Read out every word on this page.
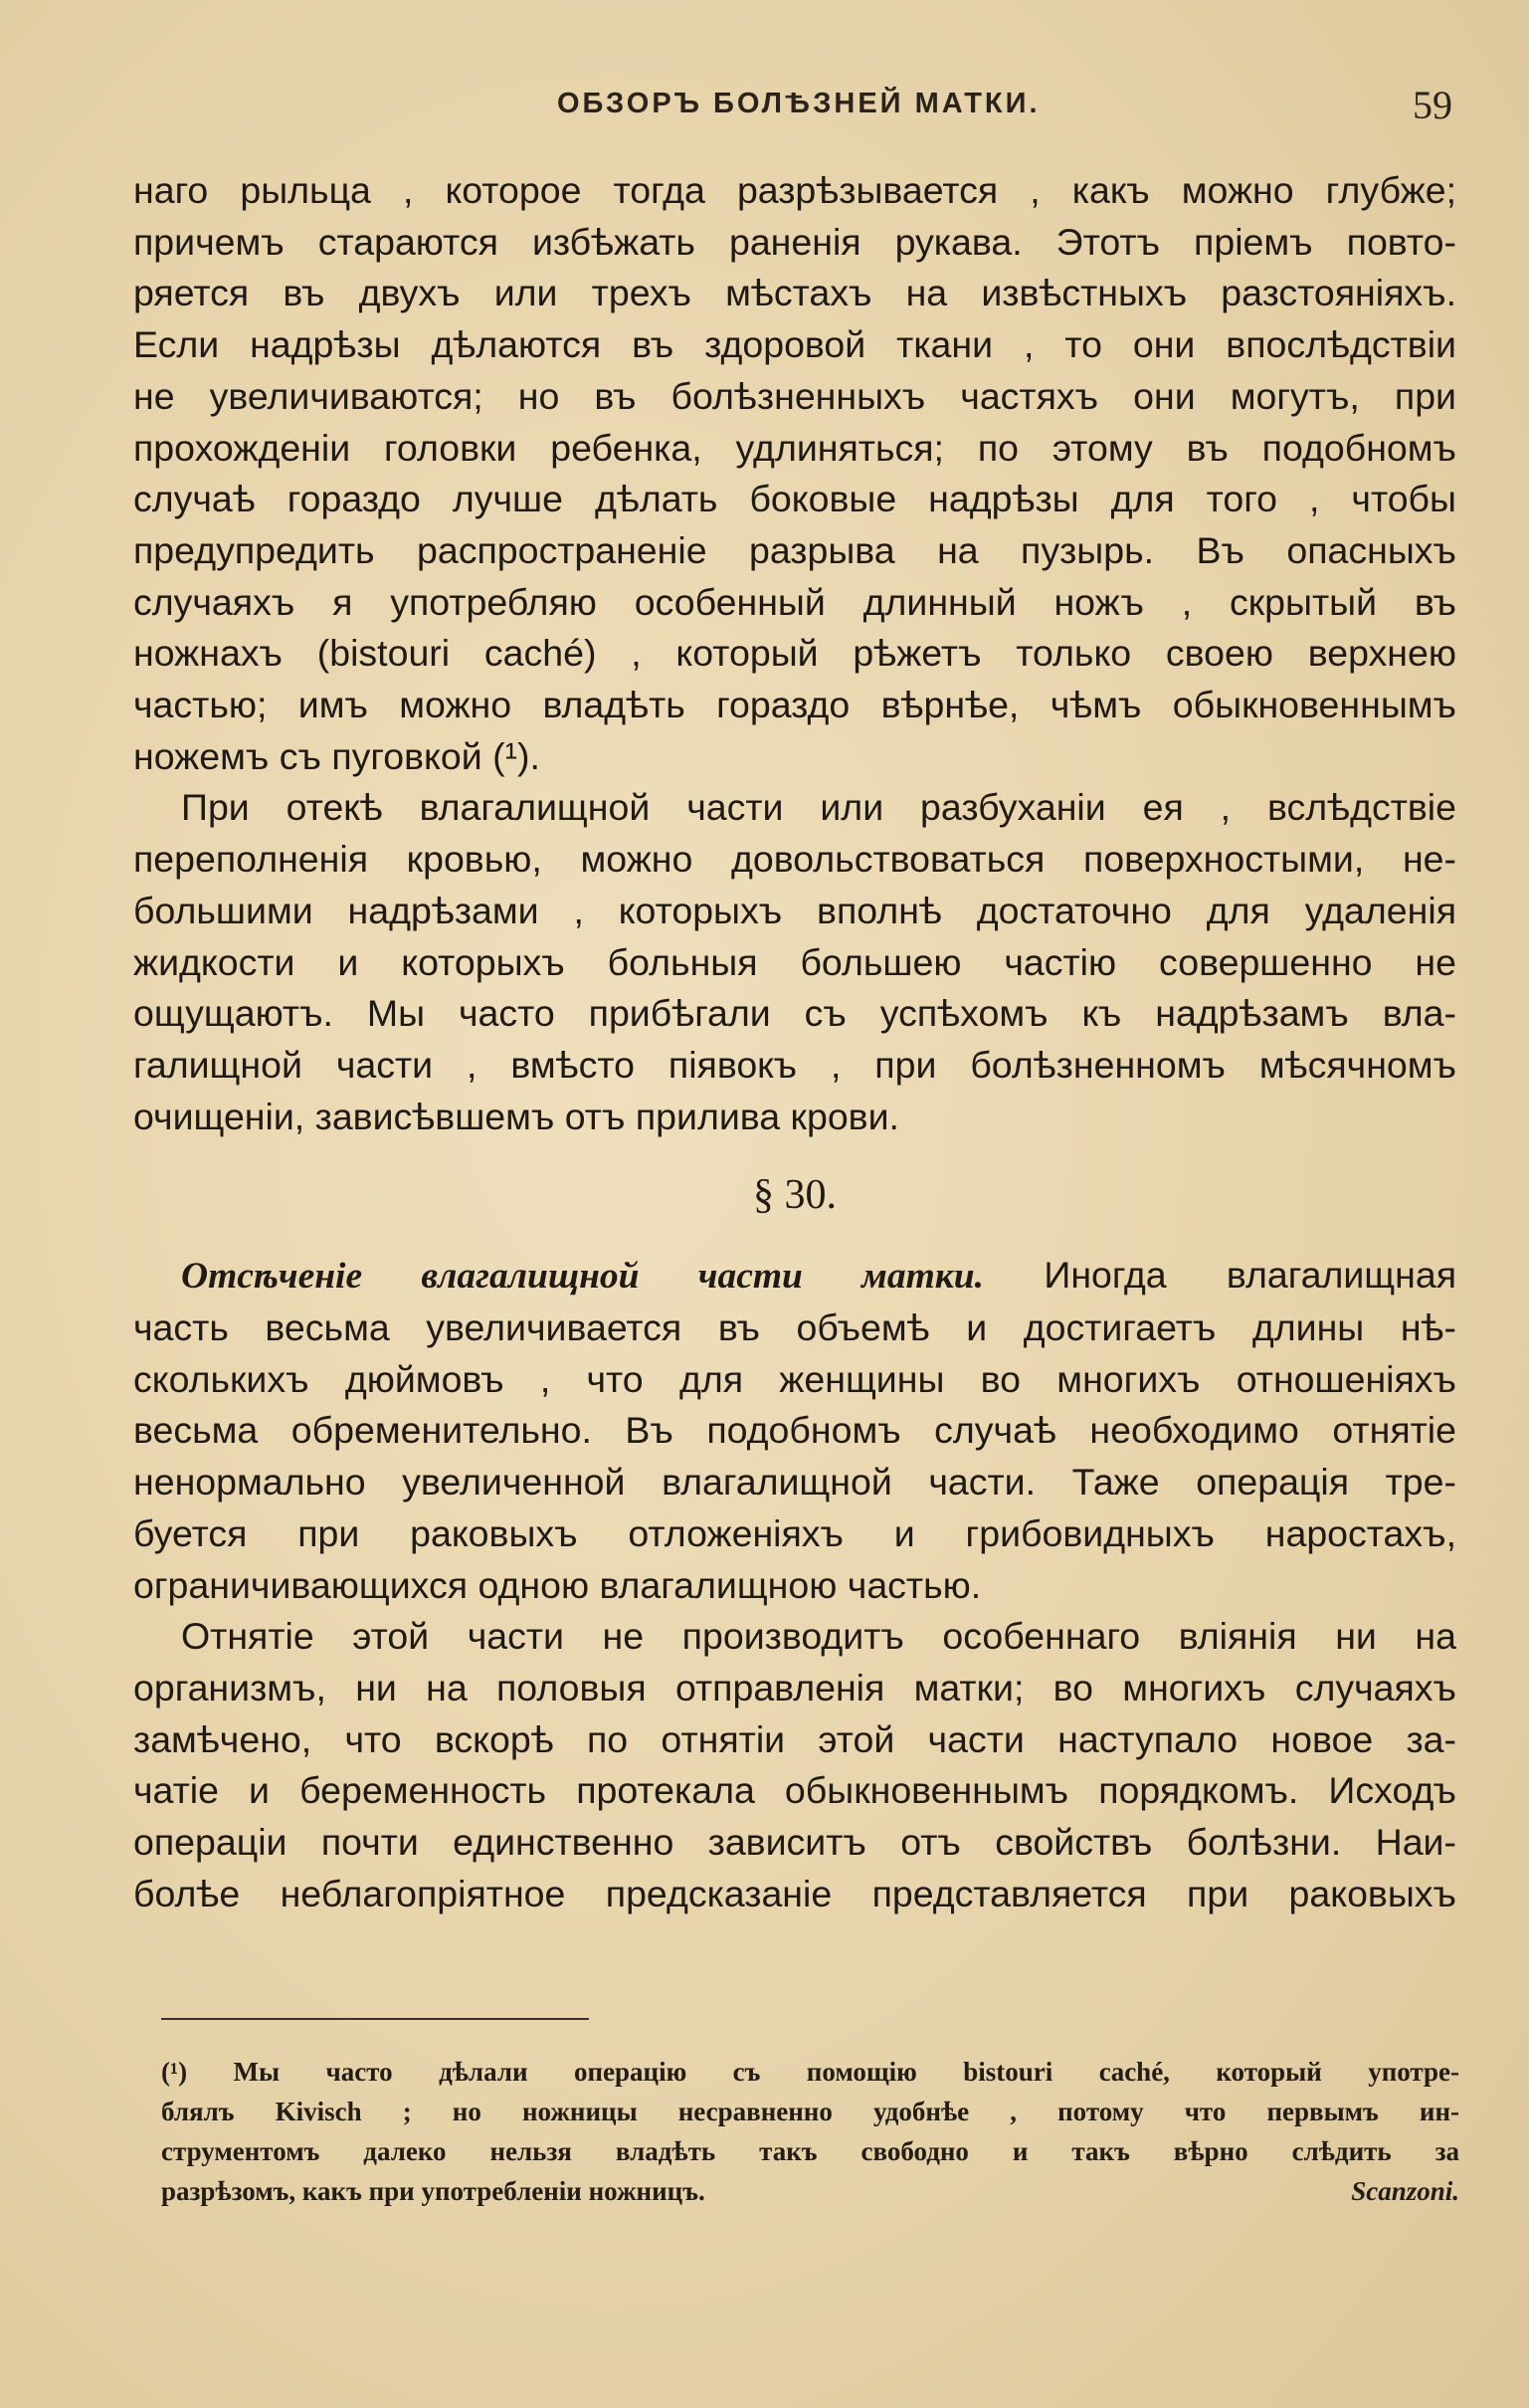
ОБЗОРЪ БОЛѢЗНЕЙ МАТКИ.	59

наго рыльца , которое тогда разрѣзывается , какъ можно глубже;
причемъ стараются избѣжать раненія рукава. Этотъ пріемъ повто-
ряется въ двухъ или трехъ мѣстахъ на извѣстныхъ разстояніяхъ.
Если надрѣзы дѣлаются въ здоровой ткани , то они впослѣдствіи
не увеличиваются; но въ болѣзненныхъ частяхъ они могутъ, при
прохожденіи головки ребенка, удлиняться; по этому въ подобномъ
случаѣ гораздо лучше дѣлать боковые надрѣзы для того , чтобы
предупредить распространеніе разрыва на пузырь. Въ опасныхъ
случаяхъ я употребляю особенный длинный ножъ , скрытый въ
ножнахъ (bistouri caché) , который рѣжетъ только своею верхнею
частью; имъ можно владѣть гораздо вѣрнѣе, чѣмъ обыкновеннымъ
ножемъ съ пуговкой (¹).

При отекѣ влагалищной части или разбуханіи ея , вслѣдствіе
переполненія кровью, можно довольствоваться поверхностыми, не-
большими надрѣзами , которыхъ вполнѣ достаточно для удаленія
жидкости и которыхъ больныя большею частію совершенно не
ощущаютъ. Мы часто прибѣгали съ успѣхомъ къ надрѣзамъ вла-
галищной части , вмѣсто піявокъ , при болѣзненномъ мѣсячномъ
очищеніи, зависѣвшемъ отъ прилива крови.

§ 30.

Отсѣченіе влагалищной части матки. Иногда влагалищная
часть весьма увеличивается въ объемѣ и достигаетъ длины нѣ-
сколькихъ дюймовъ , что для женщины во многихъ отношеніяхъ
весьма обременительно. Въ подобномъ случаѣ необходимо отнятіе
ненормально увеличенной влагалищной части. Таже операція тре-
буется при раковыхъ отложеніяхъ и грибовидныхъ наростахъ,
ограничивающихся одною влагалищною частью.

Отнятіе этой части не производитъ особеннаго вліянія ни на
организмъ, ни на половыя отправленія матки; во многихъ случаяхъ
замѣчено, что вскорѣ по отнятіи этой части наступало новое за-
чатіе и беременность протекала обыкновеннымъ порядкомъ. Исходъ
операціи почти единственно зависитъ отъ свойствъ болѣзни. Наи-
болѣе неблагопріятное предсказаніе представляется при раковыхъ

(¹) Мы часто дѣлали операцію съ помощію bistouri caché, который употре-
блялъ Kivisch ; но ножницы несравненно удобнѣе , потому что первымъ ин-
струментомъ далеко нельзя владѣть такъ свободно и такъ вѣрно слѣдить за
разрѣзомъ, какъ при употребленіи ножницъ.	Scanzoni.
